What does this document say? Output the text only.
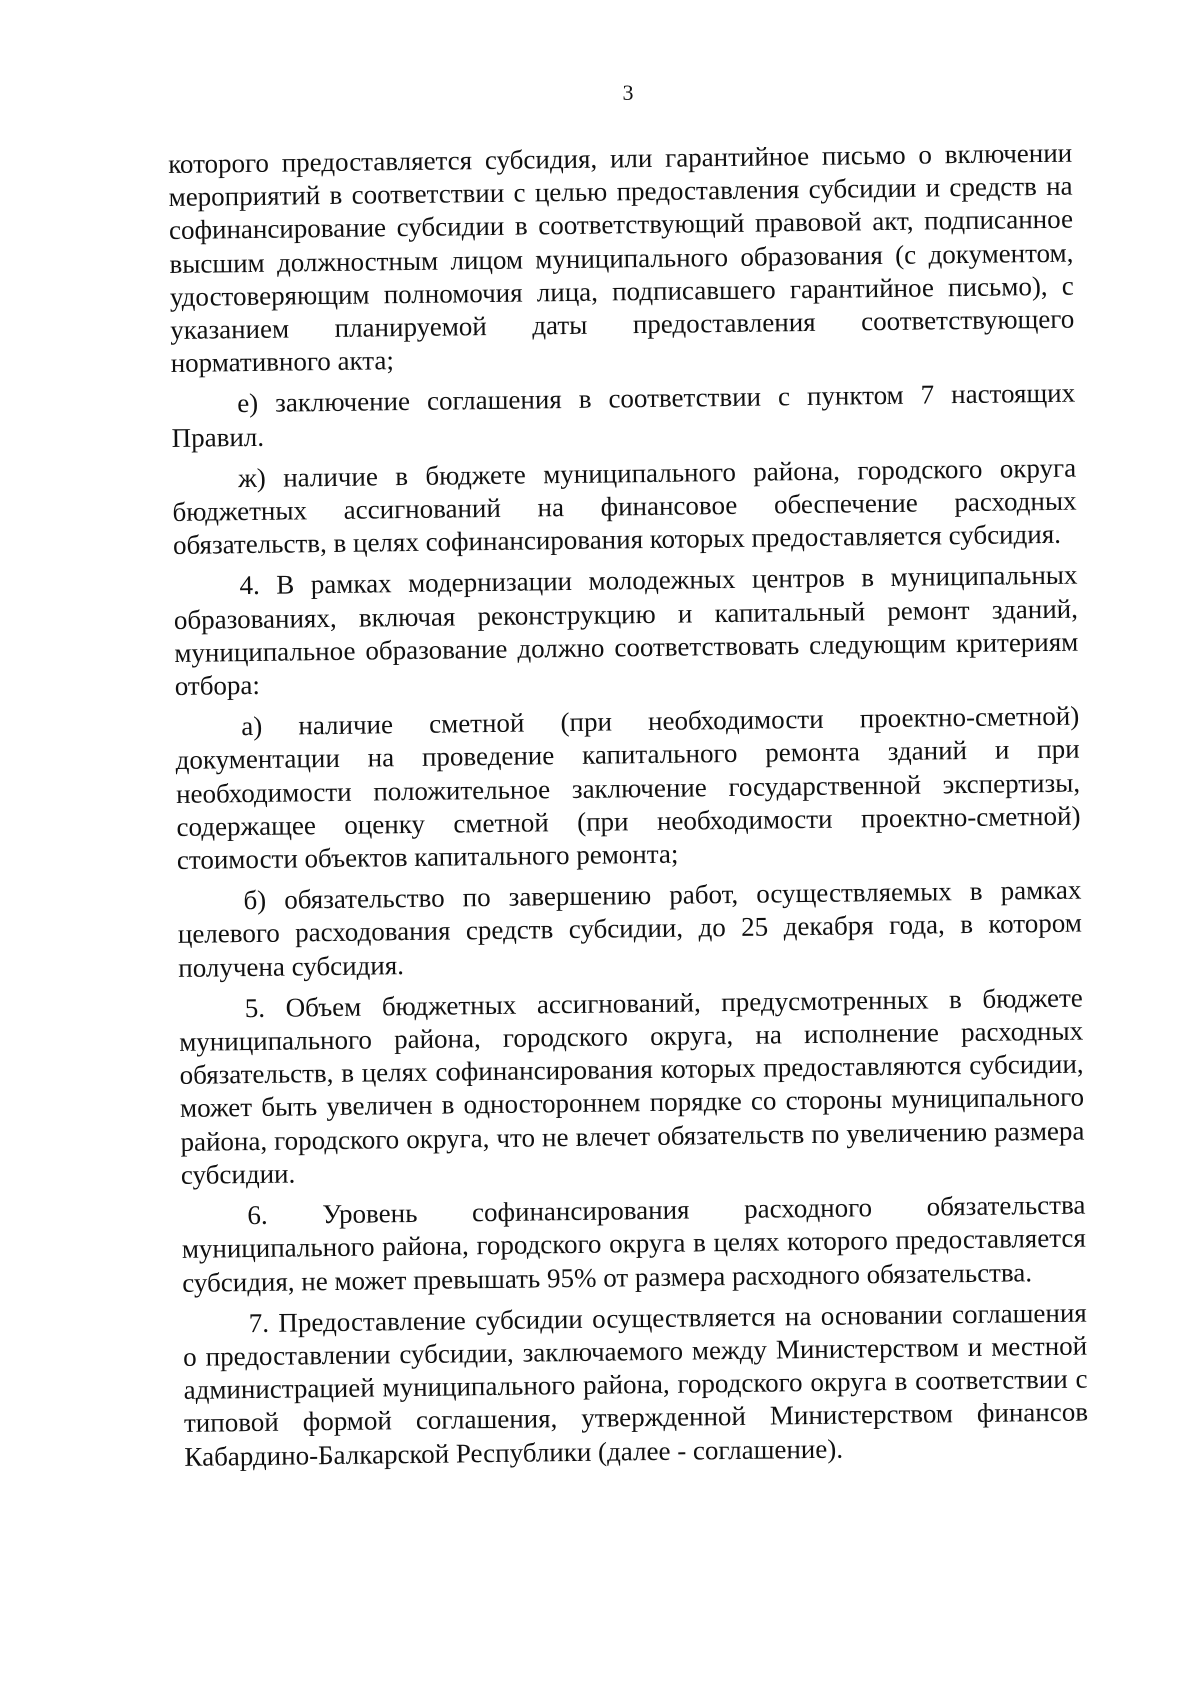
3

которого предоставляется субсидия, или гарантийное письмо о включении мероприятий в соответствии с целью предоставления субсидии и средств на софинансирование субсидии в соответствующий правовой акт, подписанное высшим должностным лицом муниципального образования (с документом, удостоверяющим полномочия лица, подписавшего гарантийное письмо), с указанием планируемой даты предоставления соответствующего нормативного акта;

е) заключение соглашения в соответствии с пунктом 7 настоящих Правил.

ж) наличие в бюджете муниципального района, городского округа бюджетных ассигнований на финансовое обеспечение расходных обязательств, в целях софинансирования которых предоставляется субсидия.

4. В рамках модернизации молодежных центров в муниципальных образованиях, включая реконструкцию и капитальный ремонт зданий, муниципальное образование должно соответствовать следующим критериям отбора:

а) наличие сметной (при необходимости проектно-сметной) документации на проведение капитального ремонта зданий и при необходимости положительное заключение государственной экспертизы, содержащее оценку сметной (при необходимости проектно-сметной) стоимости объектов капитального ремонта;

б) обязательство по завершению работ, осуществляемых в рамках целевого расходования средств субсидии, до 25 декабря года, в котором получена субсидия.

5. Объем бюджетных ассигнований, предусмотренных в бюджете муниципального района, городского округа, на исполнение расходных обязательств, в целях софинансирования которых предоставляются субсидии, может быть увеличен в одностороннем порядке со стороны муниципального района, городского округа, что не влечет обязательств по увеличению размера субсидии.

6. Уровень софинансирования расходного обязательства муниципального района, городского округа в целях которого предоставляется субсидия, не может превышать 95% от размера расходного обязательства.

7. Предоставление субсидии осуществляется на основании соглашения о предоставлении субсидии, заключаемого между Министерством и местной администрацией муниципального района, городского округа в соответствии с типовой формой соглашения, утвержденной Министерством финансов Кабардино-Балкарской Республики (далее - соглашение).
